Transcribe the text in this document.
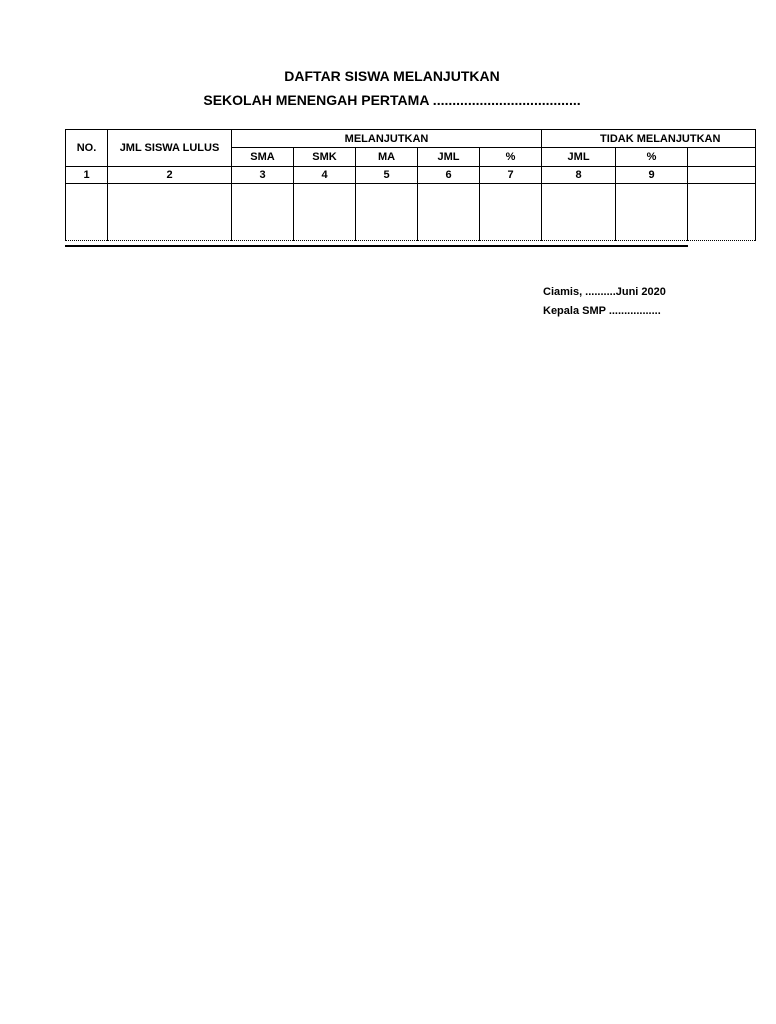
DAFTAR SISWA MELANJUTKAN
SEKOLAH MENENGAH PERTAMA ......................................
NO.	JML SISWA LULUS	MELANJUTKAN					TIDAK MELANJUTKAN		
		SMA	SMK	MA	JML	%	JML	%	
1	2	3	4	5	6	7	8	9	

Ciamis, ..........Juni 2020
Kepala SMP .................
